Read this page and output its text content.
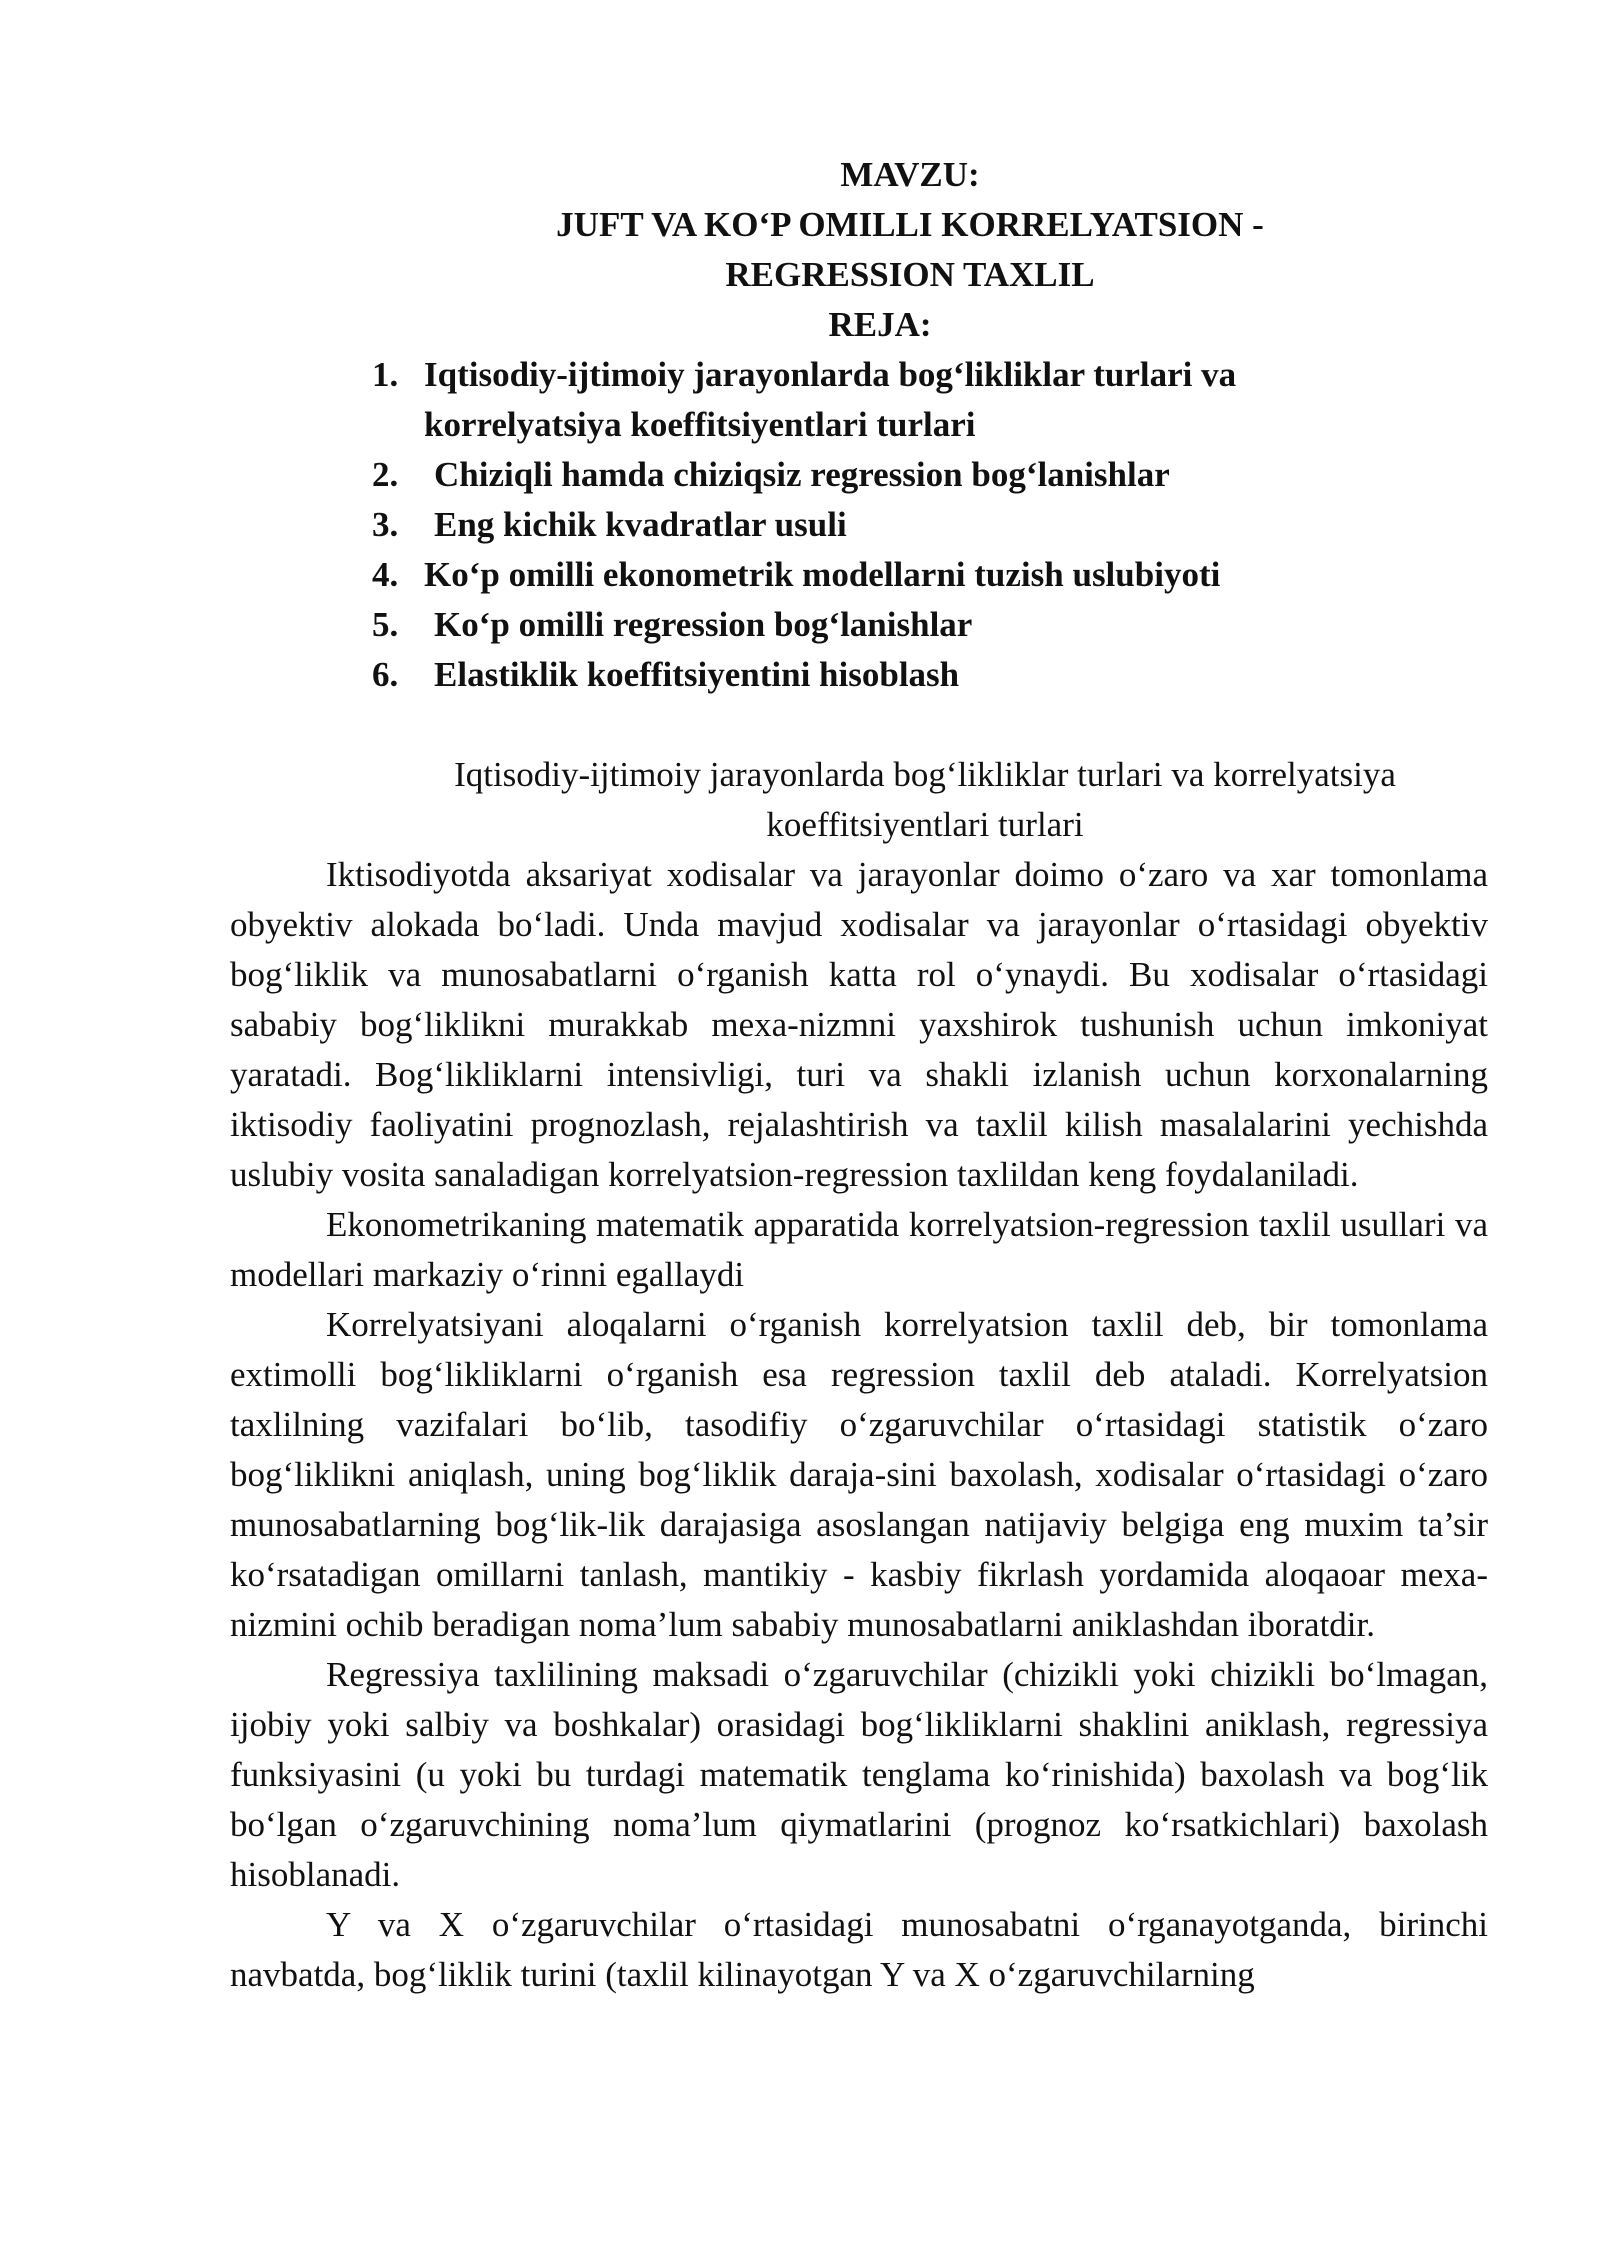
MAVZU:
JUFT VA KO‘P OMILLI KORRELYATSION -
REGRESSION TAXLIL
REJA:
1. Iqtisodiy-ijtimoiy jarayonlarda bog‘likliklar turlari va korrelyatsiya koeffitsiyentlari turlari
2. Chiziqli hamda chiziqsiz regression bog‘lanishlar
3. Eng kichik kvadratlar usuli
4. Ko‘p omilli ekonometrik modellarni tuzish uslubiyoti
5. Ko‘p omilli regression bog‘lanishlar
6. Elastiklik koeffitsiyentini hisoblash
Iqtisodiy-ijtimoiy jarayonlarda bog‘likliklar turlari va korrelyatsiya koeffitsiyentlari turlari

Iktisodiyotda aksariyat xodisalar va jarayonlar doimo o‘zaro va xar tomonlama obyektiv alokada bo‘ladi. Unda mavjud xodisalar va jarayonlar o‘rtasidagi obyektiv bog‘liklik va munosabatlarni o‘rganish katta rol o‘ynaydi. Bu xodisalar o‘rtasidagi sababiy bog‘liklikni murakkab mexa-nizmni yaxshirok tushunish uchun imkoniyat yaratadi. Bog‘likliklarni intensivligi, turi va shakli izlanish uchun korxonalarning iktisodiy faoliyatini prognozlash, rejalashtirish va taxlil kilish masalalarini yechishda uslubiy vosita sanaladigan korrelyatsion-regression taxlildan keng foydalaniladi.

Ekonometrikaning matematik apparatida korrelyatsion-regression taxlil usullari va modellari markaziy o‘rinni egallaydi

Korrelyatsiyani aloqalarni o‘rganish korrelyatsion taxlil deb, bir tomonlama extimolli bog‘likliklarni o‘rganish esa regression taxlil deb ataladi. Korrelyatsion taxlilning vazifalari bo‘lib, tasodifiy o‘zgaruvchilar o‘rtasidagi statistik o‘zaro bog‘liklikni aniqlash, uning bog‘liklik daraja-sini baxolash, xodisalar o‘rtasidagi o‘zaro munosabatlarning bog‘lik-lik darajasiga asoslangan natijaviy belgiga eng muxim ta’sir ko‘rsatadigan omillarni tanlash, mantikiy - kasbiy fikrlash yordamida aloqaoar mexa-nizmini ochib beradigan noma’lum sababiy munosabatlarni aniklashdan iboratdir.

Regressiya taxlilining maksadi o‘zgaruvchilar (chizikli yoki chizikli bo‘lmagan, ijobiy yoki salbiy va boshkalar) orasidagi bog‘likliklarni shaklini aniklash, regressiya funksiyasini (u yoki bu turdagi matematik tenglama ko‘rinishida) baxolash va bog‘lik bo‘lgan o‘zgaruvchining noma’lum qiymatlarini (prognoz ko‘rsatkichlari) baxolash hisoblanadi.

Y va X o‘zgaruvchilar o‘rtasidagi munosabatni o‘rganayotganda, birinchi navbatda, bog‘liklik turini (taxlil kilinayotgan Y va X o‘zgaruvchilarning
